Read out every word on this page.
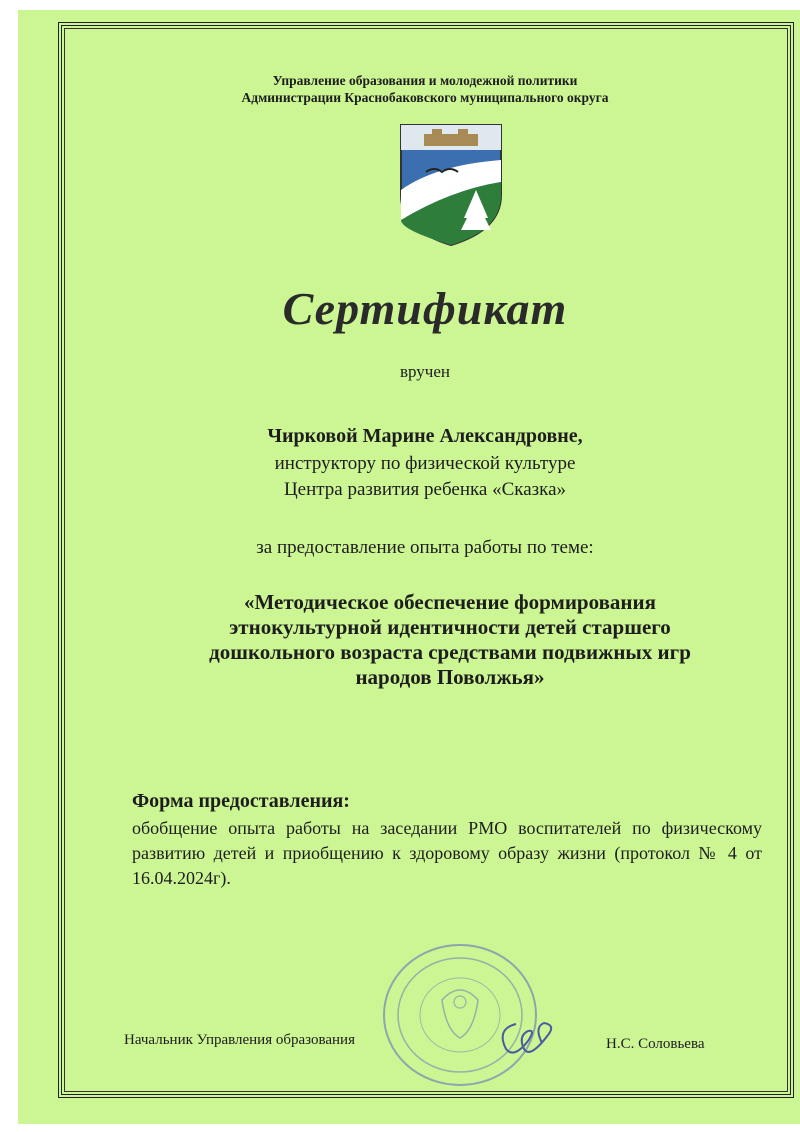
Управление образования и молодежной политики
Администрации Краснобаковского муниципального округа
Сертификат
вручен
Чирковой Марине Александровне,
инструктору по физической культуре
Центра развития ребенка «Сказка»
за предоставление опыта работы по теме:
«Методическое обеспечение формирования
этнокультурной идентичности детей старшего
дошкольного возраста средствами подвижных игр
народов Поволжья»
Форма предоставления:
обобщение опыта работы на заседании РМО воспитателей по физическому развитию детей и приобщению к здоровому образу жизни (протокол № 4 от 16.04.2024г).
Начальник Управления образования	Н.С. Соловьева
